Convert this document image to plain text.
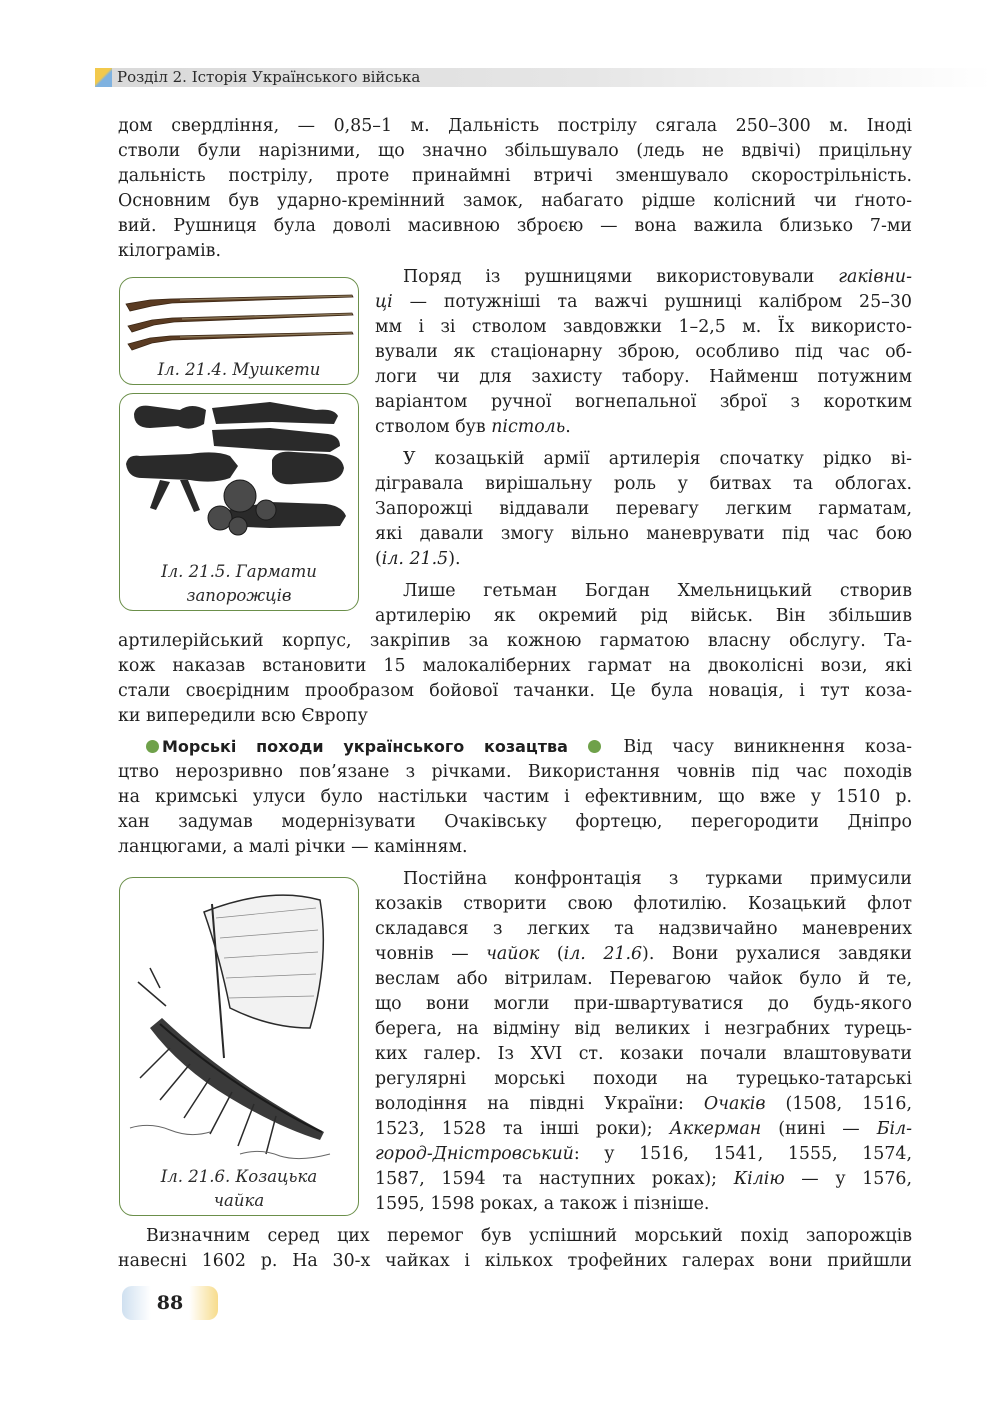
Розділ 2. Історія Українського війська
дом свердління, — 0,85–1 м. Дальність пострілу сягала 250–300 м. Іноді
стволи були нарізними, що значно збільшувало (ледь не вдвічі) прицільну
дальність пострілу, проте принаймні втричі зменшувало скорострільність.
Основним був ударно-кремінний замок, набагато рідше колісний чи ґното-
вий. Рушниця була доволі масивною зброєю — вона важила близько 7-ми
кілограмів.
Іл. 21.4. Мушкети
Іл. 21.5. Гармати
запорожців
Поряд із рушницями використовували гаківни-
ці — потужніші та важчі рушниці калібром 25–30
мм і зі стволом завдовжки 1–2,5 м. Їх використо-
вували як стаціонарну зброю, особливо під час об-
логи чи для захисту табору. Найменш потужним
варіантом ручної вогнепальної зброї з коротким
стволом був пістоль.
У козацькій армії артилерія спочатку рідко ві-
дігравала вирішальну роль у битвах та облогах.
Запорожці віддавали перевагу легким гарматам,
які давали змогу вільно маневрувати під час бою
(іл. 21.5).
Лише гетьман Богдан Хмельницький створив
артилерію як окремий рід військ. Він збільшив
артилерійський корпус, закріпив за кожною гарматою власну обслугу. Та-
кож наказав встановити 15 малокаліберних гармат на двоколісні вози, які
стали своєрідним прообразом бойової тачанки. Це була новація, і тут коза-
ки випередили всю Європу
Морські походи українського козацтва  Від часу виникнення коза-
цтво нерозривно пов’язане з річками. Використання човнів під час походів
на кримські улуси було настільки частим і ефективним, що вже у 1510 р.
хан задумав модернізувати Очаківську фортецю, перегородити Дніпро
ланцюгами, а малі річки — камінням.
Іл. 21.6. Козацька
чайка
Постійна конфронтація з турками примусили
козаків створити свою флотилію. Козацький флот
складався з легких та надзвичайно маневрених
човнів — чайок (іл. 21.6). Вони рухалися завдяки
веслам або вітрилам. Перевагою чайок було й те,
що вони могли при-швартуватися до будь-якого
берега, на відміну від великих і незграбних турець-
ких галер. Із XVI ст. козаки почали влаштовувати
регулярні морські походи на турецько-татарські
володіння на півдні України: Очаків (1508, 1516,
1523, 1528 та інші роки); Аккерман (нині — Біл-
город-Дністровський: у 1516, 1541, 1555, 1574,
1587, 1594 та наступних роках); Кілію — у 1576,
1595, 1598 роках, а також і пізніше.
Визначним серед цих перемог був успішний морський похід запорожців
навесні 1602 р. На 30-х чайках і кількох трофейних галерах вони прийшли
88
